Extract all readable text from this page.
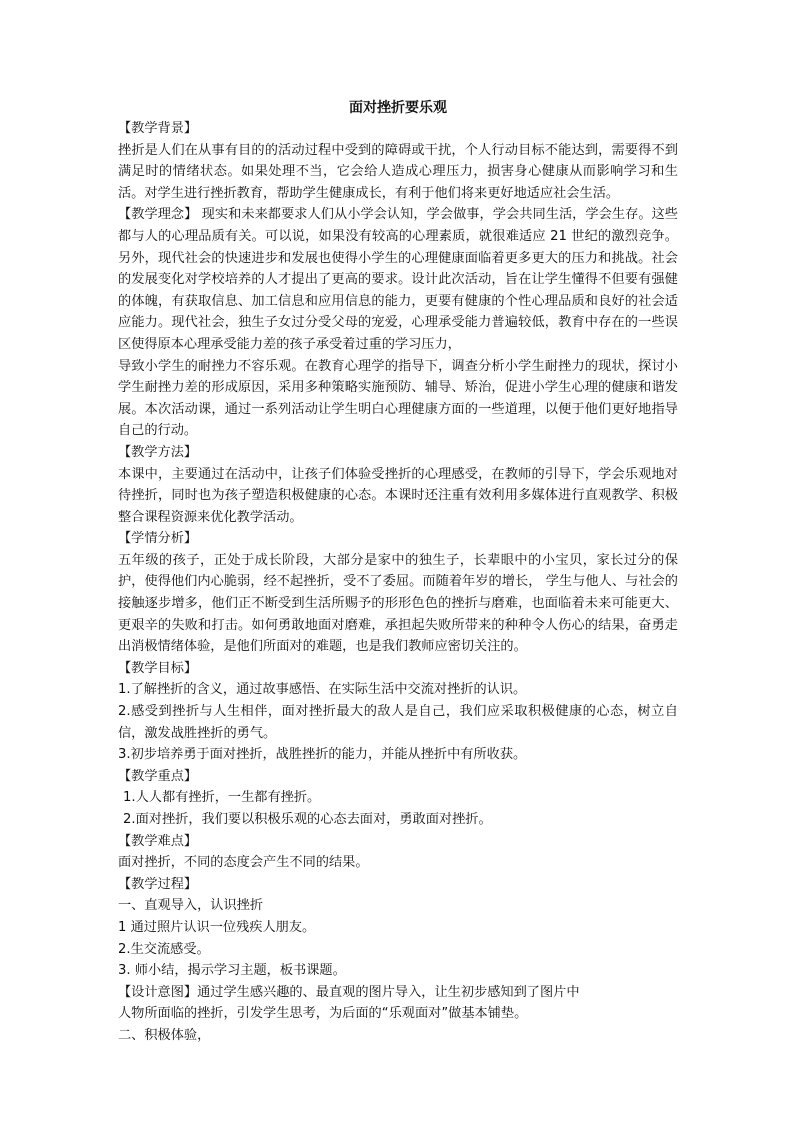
面对挫折要乐观
【教学背景】
挫折是人们在从事有目的的活动过程中受到的障碍或干扰，个人行动目标不能达到，需要得不到满足时的情绪状态。如果处理不当，它会给人造成心理压力，损害身心健康从而影响学习和生活。对学生进行挫折教育，帮助学生健康成长，有利于他们将来更好地适应社会生活。
【教学理念】 现实和未来都要求人们从小学会认知，学会做事，学会共同生活，学会生存。这些都与人的心理品质有关。可以说，如果没有较高的心理素质，就很难适应 21 世纪的激烈竞争。另外，现代社会的快速进步和发展也使得小学生的心理健康面临着更多更大的压力和挑战。社会的发展变化对学校培养的人才提出了更高的要求。设计此次活动，旨在让学生懂得不但要有强健的体魄，有获取信息、加工信息和应用信息的能力，更要有健康的个性心理品质和良好的社会适应能力。现代社会，独生子女过分受父母的宠爱，心理承受能力普遍较低，教育中存在的一些误区使得原本心理承受能力差的孩子承受着过重的学习压力，
导致小学生的耐挫力不容乐观。在教育心理学的指导下，调查分析小学生耐挫力的现状，探讨小学生耐挫力差的形成原因，采用多种策略实施预防、辅导、矫治，促进小学生心理的健康和谐发展。本次活动课，通过一系列活动让学生明白心理健康方面的一些道理，以便于他们更好地指导自己的行动。
【教学方法】
本课中，主要通过在活动中，让孩子们体验受挫折的心理感受，在教师的引导下，学会乐观地对待挫折，同时也为孩子塑造积极健康的心态。本课时还注重有效利用多媒体进行直观教学、积极整合课程资源来优化教学活动。
【学情分析】
五年级的孩子，正处于成长阶段，大部分是家中的独生子，长辈眼中的小宝贝，家长过分的保护，使得他们内心脆弱，经不起挫折，受不了委屈。而随着年岁的增长， 学生与他人、与社会的接触逐步增多，他们正不断受到生活所赐予的形形色色的挫折与磨难，也面临着未来可能更大、更艰辛的失败和打击。如何勇敢地面对磨难，承担起失败所带来的种种令人伤心的结果，奋勇走出消极情绪体验，是他们所面对的难题，也是我们教师应密切关注的。
【教学目标】
1.了解挫折的含义，通过故事感悟、在实际生活中交流对挫折的认识。
2.感受到挫折与人生相伴，面对挫折最大的敌人是自己，我们应采取积极健康的心态，树立自信，激发战胜挫折的勇气。
3.初步培养勇于面对挫折，战胜挫折的能力，并能从挫折中有所收获。
【教学重点】
1.人人都有挫折，一生都有挫折。
2.面对挫折，我们要以积极乐观的心态去面对，勇敢面对挫折。
【教学难点】
面对挫折，不同的态度会产生不同的结果。
【教学过程】
一、直观导入，认识挫折
1 通过照片认识一位残疾人朋友。
2.生交流感受。
3. 师小结，揭示学习主题，板书课题。
【设计意图】通过学生感兴趣的、最直观的图片导入，让生初步感知到了图片中
人物所面临的挫折，引发学生思考，为后面的“乐观面对”做基本铺垫。
二、积极体验，
